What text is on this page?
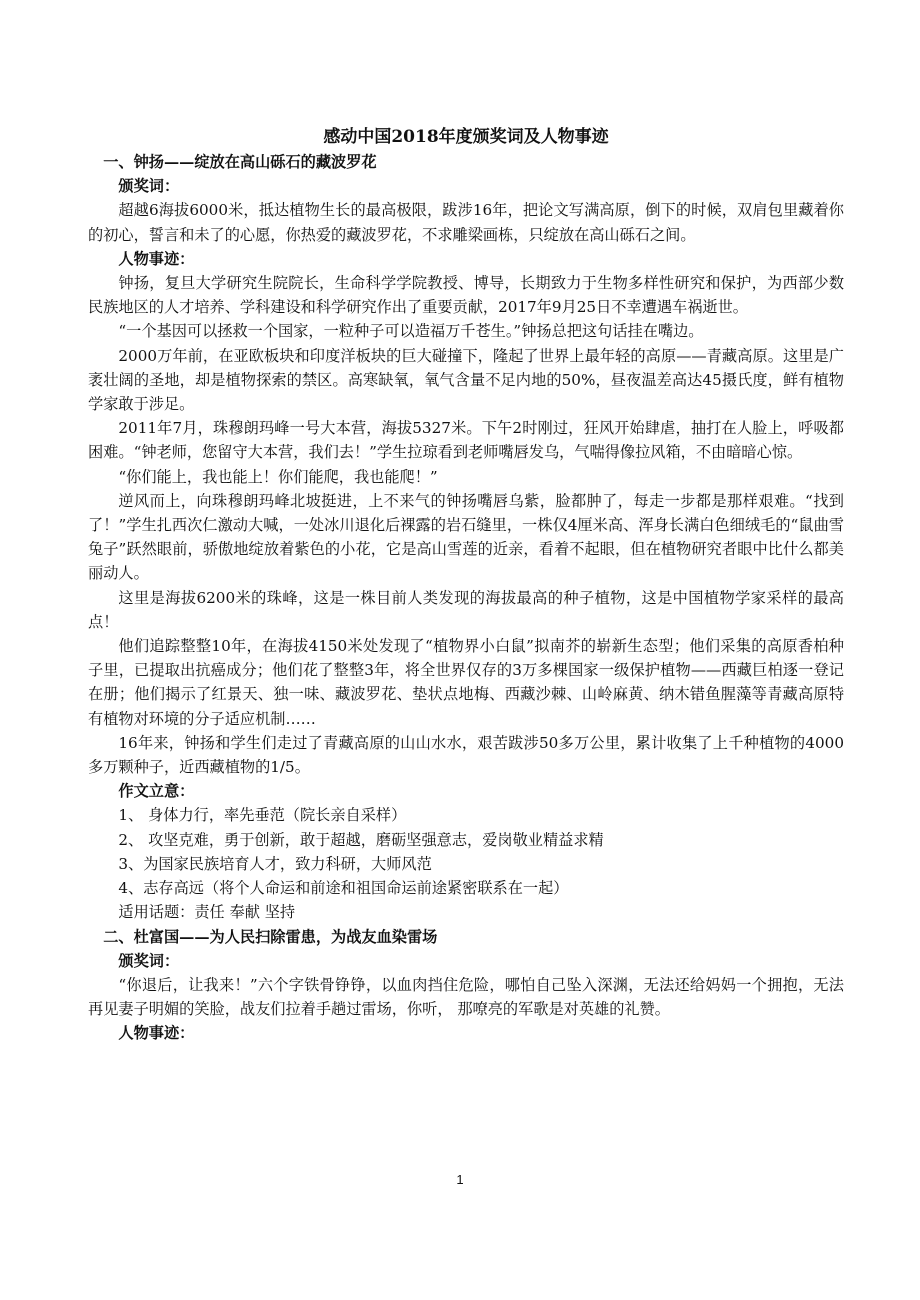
感动中国2018年度颁奖词及人物事迹

一、钟扬——绽放在高山砾石的藏波罗花

颁奖词：

超越6海拔6000米，抵达植物生长的最高极限，跋涉16年，把论文写满高原，倒下的时候，双肩包里藏着你的初心，誓言和未了的心愿，你热爱的藏波罗花，不求雕梁画栋，只绽放在高山砾石之间。

人物事迹：

钟扬，复旦大学研究生院院长，生命科学学院教授、博导，长期致力于生物多样性研究和保护，为西部少数民族地区的人才培养、学科建设和科学研究作出了重要贡献，2017年9月25日不幸遭遇车祸逝世。

“一个基因可以拯救一个国家，一粒种子可以造福万千苍生。”钟扬总把这句话挂在嘴边。

2000万年前，在亚欧板块和印度洋板块的巨大碰撞下，隆起了世界上最年轻的高原——青藏高原。这里是广袤壮阔的圣地，却是植物探索的禁区。高寒缺氧，氧气含量不足内地的50%，昼夜温差高达45摄氏度，鲜有植物学家敢于涉足。

2011年7月，珠穆朗玛峰一号大本营，海拔5327米。下午2时刚过，狂风开始肆虐，抽打在人脸上，呼吸都困难。“钟老师，您留守大本营，我们去！”学生拉琼看到老师嘴唇发乌，气喘得像拉风箱，不由暗暗心惊。

“你们能上，我也能上！你们能爬，我也能爬！”

逆风而上，向珠穆朗玛峰北坡挺进，上不来气的钟扬嘴唇乌紫，脸都肿了，每走一步都是那样艰难。“找到了！”学生扎西次仁激动大喊，一处冰川退化后裸露的岩石缝里，一株仅4厘米高、浑身长满白色细绒毛的“鼠曲雪兔子”跃然眼前，骄傲地绽放着紫色的小花，它是高山雪莲的近亲，看着不起眼，但在植物研究者眼中比什么都美丽动人。

这里是海拔6200米的珠峰，这是一株目前人类发现的海拔最高的种子植物，这是中国植物学家采样的最高点！

他们追踪整整10年，在海拔4150米处发现了“植物界小白鼠”拟南芥的崭新生态型；他们采集的高原香柏种子里，已提取出抗癌成分；他们花了整整3年，将全世界仅存的3万多棵国家一级保护植物——西藏巨柏逐一登记在册；他们揭示了红景天、独一味、藏波罗花、垫状点地梅、西藏沙棘、山岭麻黄、纳木错鱼腥藻等青藏高原特有植物对环境的分子适应机制……

16年来，钟扬和学生们走过了青藏高原的山山水水，艰苦跋涉50多万公里，累计收集了上千种植物的4000多万颗种子，近西藏植物的1/5。

作文立意：

1、 身体力行，率先垂范（院长亲自采样）

2、 攻坚克难，勇于创新，敢于超越，磨砺坚强意志，爱岗敬业精益求精

3、为国家民族培育人才，致力科研，大师风范

4、志存高远（将个人命运和前途和祖国命运前途紧密联系在一起）

适用话题：责任 奉献 坚持

二、杜富国——为人民扫除雷患，为战友血染雷场

颁奖词：

“你退后，让我来！”六个字铁骨铮铮，以血肉挡住危险，哪怕自己坠入深渊，无法还给妈妈一个拥抱，无法再见妻子明媚的笑脸，战友们拉着手趟过雷场，你听， 那嘹亮的军歌是对英雄的礼赞。

人物事迹：

1
